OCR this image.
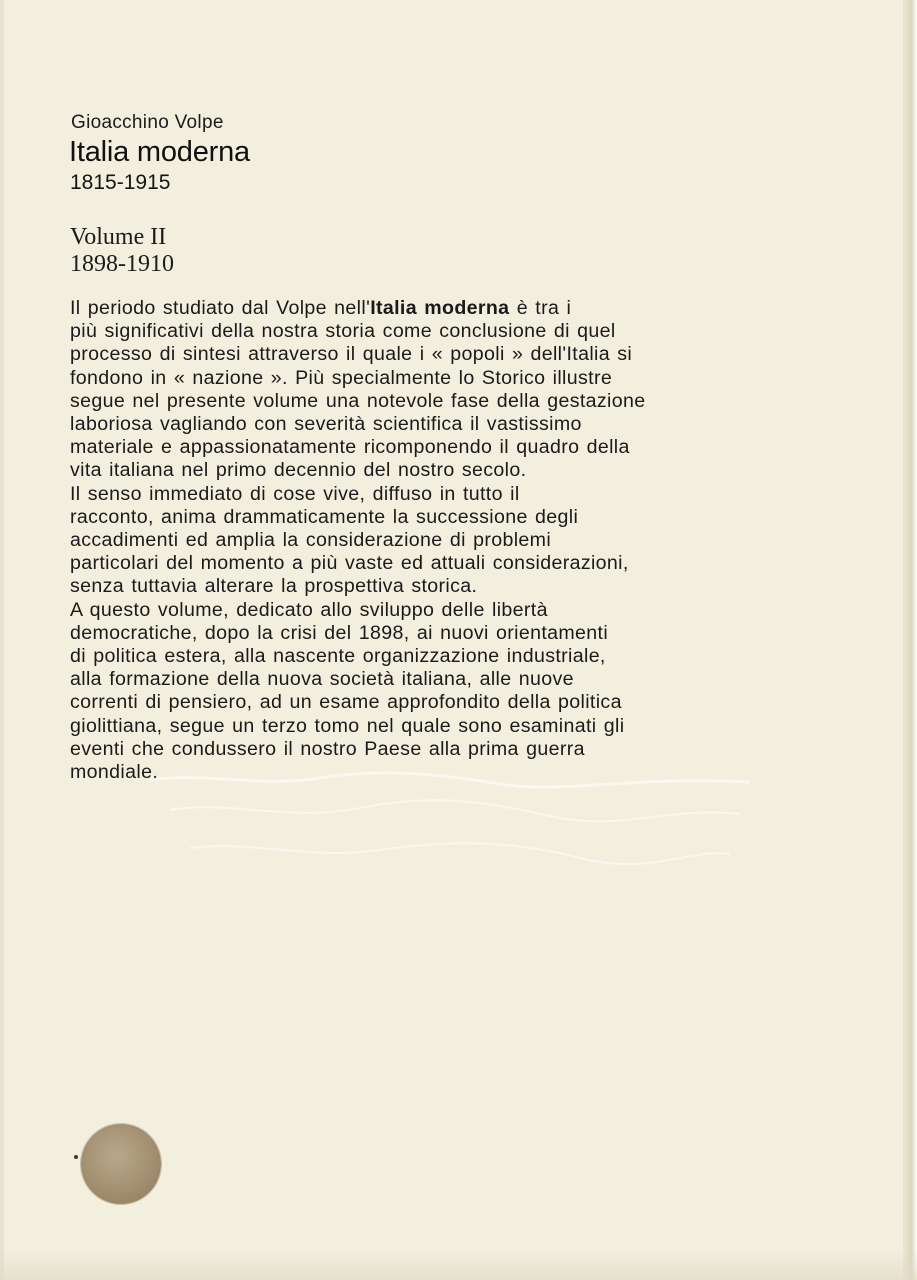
Gioacchino Volpe
Italia moderna
1815-1915
Volume II
1898-1910
Il periodo studiato dal Volpe nell'Italia moderna è tra i
più significativi della nostra storia come conclusione di quel
processo di sintesi attraverso il quale i « popoli » dell'Italia si
fondono in « nazione ». Più specialmente lo Storico illustre
segue nel presente volume una notevole fase della gestazione
laboriosa vagliando con severità scientifica il vastissimo
materiale e appassionatamente ricomponendo il quadro della
vita italiana nel primo decennio del nostro secolo.
Il senso immediato di cose vive, diffuso in tutto il
racconto, anima drammaticamente la successione degli
accadimenti ed amplia la considerazione di problemi
particolari del momento a più vaste ed attuali considerazioni,
senza tuttavia alterare la prospettiva storica.
A questo volume, dedicato allo sviluppo delle libertà
democratiche, dopo la crisi del 1898, ai nuovi orientamenti
di politica estera, alla nascente organizzazione industriale,
alla formazione della nuova società italiana, alle nuove
correnti di pensiero, ad un esame approfondito della politica
giolittiana, segue un terzo tomo nel quale sono esaminati gli
eventi che condussero il nostro Paese alla prima guerra
mondiale.
